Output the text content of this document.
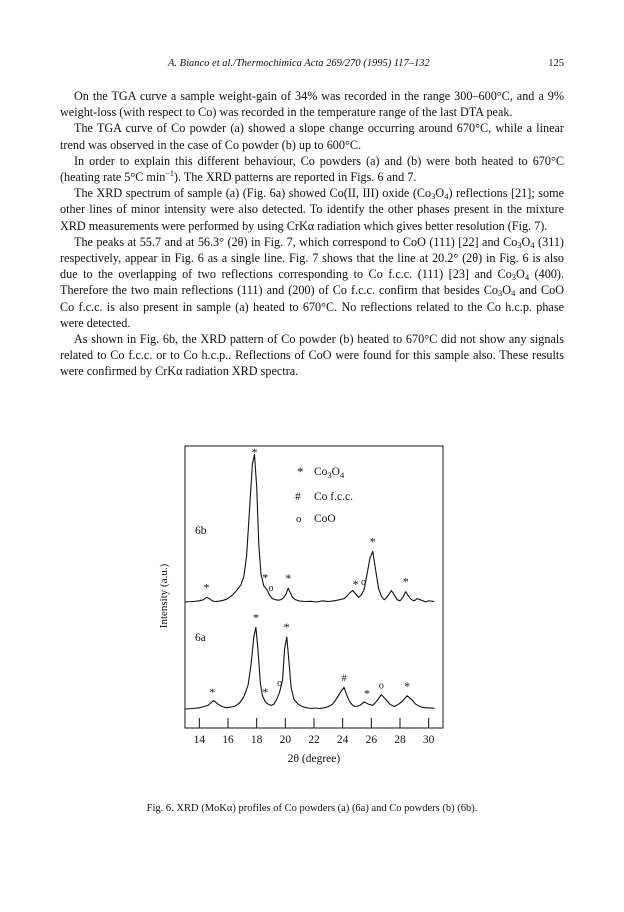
A. Bianco et al./Thermochimica Acta 269/270 (1995) 117–132	125

On the TGA curve a sample weight-gain of 34% was recorded in the range 300–600°C, and a 9% weight-loss (with respect to Co) was recorded in the temperature range of the last DTA peak.

The TGA curve of Co powder (a) showed a slope change occurring around 670°C, while a linear trend was observed in the case of Co powder (b) up to 600°C.

In order to explain this different behaviour, Co powders (a) and (b) were both heated to 670°C (heating rate 5°C $\min^{-1}$). The XRD patterns are reported in Figs. 6 and 7.

The XRD spectrum of sample (a) (Fig. 6a) showed Co(II, III) oxide $(Co_3O_4)$ reflections [21]; some other lines of minor intensity were also detected. To identify the other phases present in the mixture XRD measurements were performed by using CrKα radiation which gives better resolution (Fig. 7).

The peaks at 55.7 and at 56.3° (2θ) in Fig. 7, which correspond to CoO (111) [22] and $Co_3O_4$ (311) respectively, appear in Fig. 6 as a single line. Fig. 7 shows that the line at 20.2° (2θ) in Fig. 6 is also due to the overlapping of two reflections corresponding to Co f.c.c. (111) [23] and $Co_3O_4$ (400). Therefore the two main reflections (111) and (200) of Co f.c.c. confirm that besides $Co_3O_4$ and CoO Co f.c.c. is also present in sample (a) heated to 670°C. No reflections related to the Co h.c.p. phase were detected.

As shown in Fig. 6b, the XRD pattern of Co powder (b) heated to 670°C did not show any signals related to Co f.c.c. or to Co h.c.p.. Reflections of CoO were found for this sample also. These results were confirmed by CrKα radiation XRD spectra.

14 16 18 20 22 24 26 28 30
2θ (degree)
Intensity (a.u.)
*
*
*
o
*	* o
*
*
*
*	*
o
*
#
*
o *
6b
6a
* $Co_3O_4$
# Co f.c.c.
o CoO
Fig. 6. XRD (MoKα) profiles of Co powders (a) (6a) and Co powders (b) (6b).
